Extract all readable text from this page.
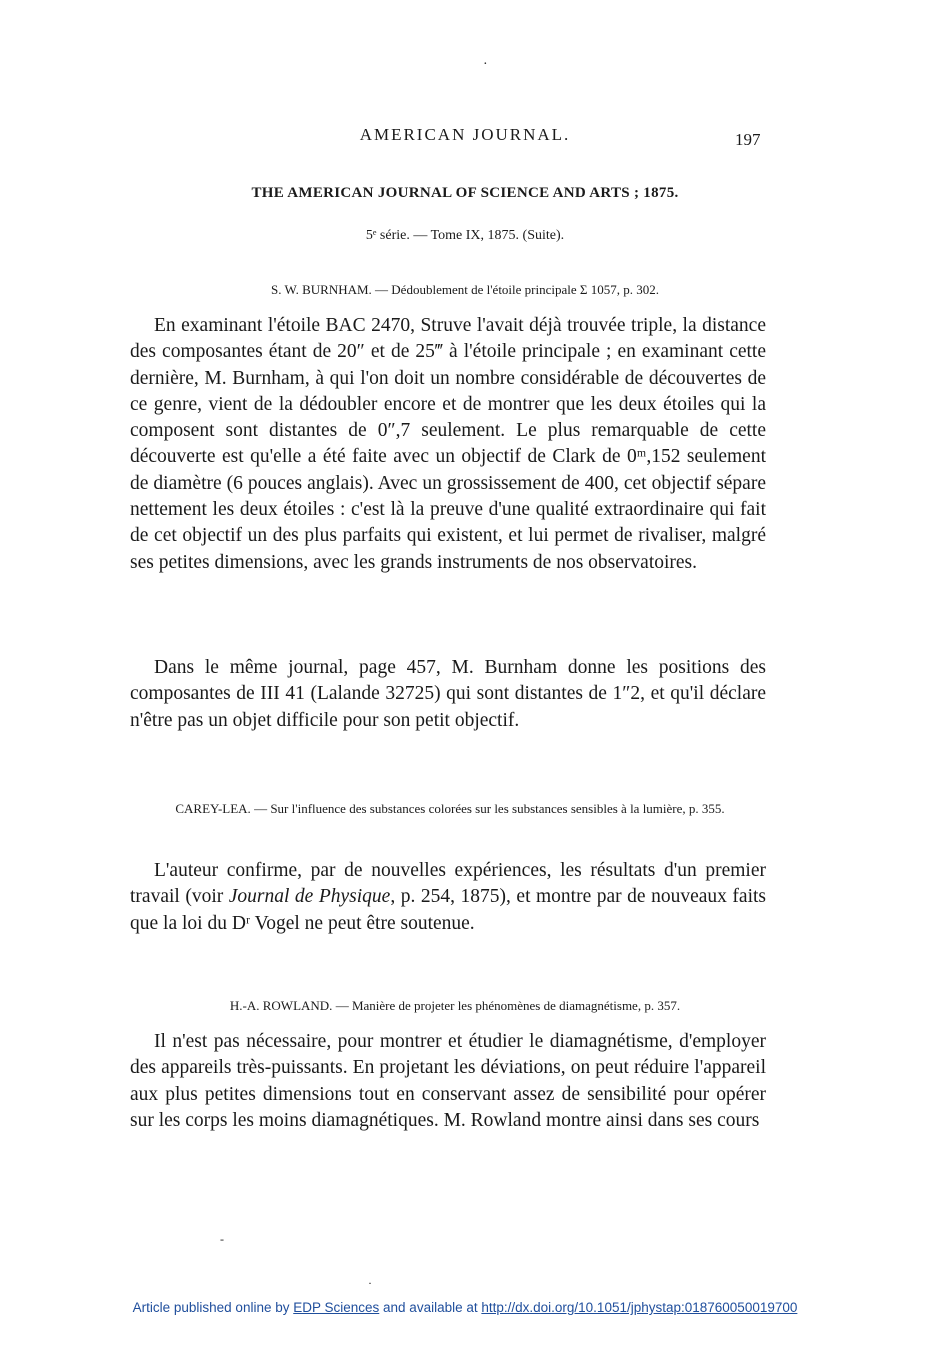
·
AMERICAN JOURNAL.	197
THE AMERICAN JOURNAL OF SCIENCE AND ARTS ; 1875.
5ᵉ série. — Tome IX, 1875. (Suite).
S. W. BURNHAM. — Dédoublement de l'étoile principale Σ 1057, p. 302.

En examinant l'étoile BAC 2470, Struve l'avait déjà trouvée triple, la distance des composantes étant de 20″ et de 25‴ à l'étoile principale ; en examinant cette dernière, M. Burnham, à qui l'on doit un nombre considérable de découvertes de ce genre, vient de la dédoubler encore et de montrer que les deux étoiles qui la composent sont distantes de 0″,7 seulement. Le plus remarquable de cette découverte est qu'elle a été faite avec un objectif de Clark de 0ᵐ,152 seulement de diamètre (6 pouces anglais). Avec un grossissement de 400, cet objectif sépare nettement les deux étoiles : c'est là la preuve d'une qualité extraordinaire qui fait de cet objectif un des plus parfaits qui existent, et lui permet de rivaliser, malgré ses petites dimensions, avec les grands instruments de nos observatoires.

Dans le même journal, page 457, M. Burnham donne les positions des composantes de III 41 (Lalande 32725) qui sont distantes de 1″2, et qu'il déclare n'être pas un objet difficile pour son petit objectif.

CAREY-LEA. — Sur l'influence des substances colorées sur les substances sensibles à la lumière, p. 355.

L'auteur confirme, par de nouvelles expériences, les résultats d'un premier travail (voir Journal de Physique, p. 254, 1875), et montre par de nouveaux faits que la loi du Dʳ Vogel ne peut être soutenue.

H.-A. ROWLAND. — Manière de projeter les phénomènes de diamagnétisme, p. 357.

Il n'est pas nécessaire, pour montrer et étudier le diamagnétisme, d'employer des appareils très-puissants. En projetant les déviations, on peut réduire l'appareil aux plus petites dimensions tout en conservant assez de sensibilité pour opérer sur les corps les moins diamagnétiques. M. Rowland montre ainsi dans ses cours

-
·
Article published online by EDP Sciences and available at http://dx.doi.org/10.1051/jphystap:018760050019700
